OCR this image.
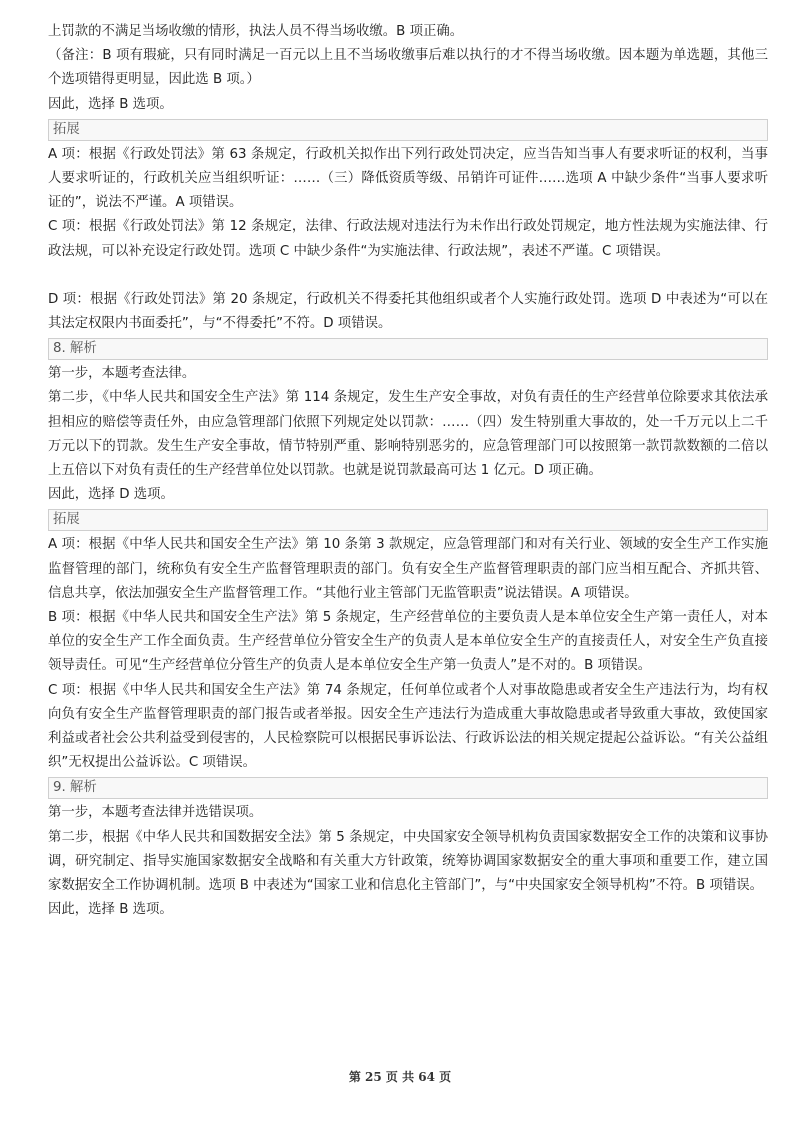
上罚款的不满足当场收缴的情形，执法人员不得当场收缴。B 项正确。

（备注：B 项有瑕疵，只有同时满足一百元以上且不当场收缴事后难以执行的才不得当场收缴。因本题为单选题，其他三个选项错得更明显，因此选 B 项。）

因此，选择 B 选项。

拓展

A 项：根据《行政处罚法》第 63 条规定，行政机关拟作出下列行政处罚决定，应当告知当事人有要求听证的权利，当事人要求听证的，行政机关应当组织听证：……（三）降低资质等级、吊销许可证件……选项 A 中缺少条件“当事人要求听证的”，说法不严谨。A 项错误。

C 项：根据《行政处罚法》第 12 条规定，法律、行政法规对违法行为未作出行政处罚规定，地方性法规为实施法律、行政法规，可以补充设定行政处罚。选项 C 中缺少条件“为实施法律、行政法规”，表述不严谨。C 项错误。

D 项：根据《行政处罚法》第 20 条规定，行政机关不得委托其他组织或者个人实施行政处罚。选项 D 中表述为“可以在其法定权限内书面委托”，与“不得委托”不符。D 项错误。

8. 解析

第一步，本题考查法律。

第二步，《中华人民共和国安全生产法》第 114 条规定，发生生产安全事故，对负有责任的生产经营单位除要求其依法承担相应的赔偿等责任外，由应急管理部门依照下列规定处以罚款：……（四）发生特别重大事故的，处一千万元以上二千万元以下的罚款。发生生产安全事故，情节特别严重、影响特别恶劣的，应急管理部门可以按照第一款罚款数额的二倍以上五倍以下对负有责任的生产经营单位处以罚款。也就是说罚款最高可达 1 亿元。D 项正确。

因此，选择 D 选项。

拓展

A 项：根据《中华人民共和国安全生产法》第 10 条第 3 款规定，应急管理部门和对有关行业、领域的安全生产工作实施监督管理的部门，统称负有安全生产监督管理职责的部门。负有安全生产监督管理职责的部门应当相互配合、齐抓共管、信息共享，依法加强安全生产监督管理工作。“其他行业主管部门无监管职责”说法错误。A 项错误。

B 项：根据《中华人民共和国安全生产法》第 5 条规定，生产经营单位的主要负责人是本单位安全生产第一责任人，对本单位的安全生产工作全面负责。生产经营单位分管安全生产的负责人是本单位安全生产的直接责任人，对安全生产负直接领导责任。可见“生产经营单位分管生产的负责人是本单位安全生产第一负责人”是不对的。B 项错误。

C 项：根据《中华人民共和国安全生产法》第 74 条规定，任何单位或者个人对事故隐患或者安全生产违法行为，均有权向负有安全生产监督管理职责的部门报告或者举报。因安全生产违法行为造成重大事故隐患或者导致重大事故，致使国家利益或者社会公共利益受到侵害的，人民检察院可以根据民事诉讼法、行政诉讼法的相关规定提起公益诉讼。“有关公益组织”无权提出公益诉讼。C 项错误。

9. 解析

第一步，本题考查法律并选错误项。

第二步，根据《中华人民共和国数据安全法》第 5 条规定，中央国家安全领导机构负责国家数据安全工作的决策和议事协调，研究制定、指导实施国家数据安全战略和有关重大方针政策，统筹协调国家数据安全的重大事项和重要工作，建立国家数据安全工作协调机制。选项 B 中表述为“国家工业和信息化主管部门”，与“中央国家安全领导机构”不符。B 项错误。

因此，选择 B 选项。

第 25 页 共 64 页
